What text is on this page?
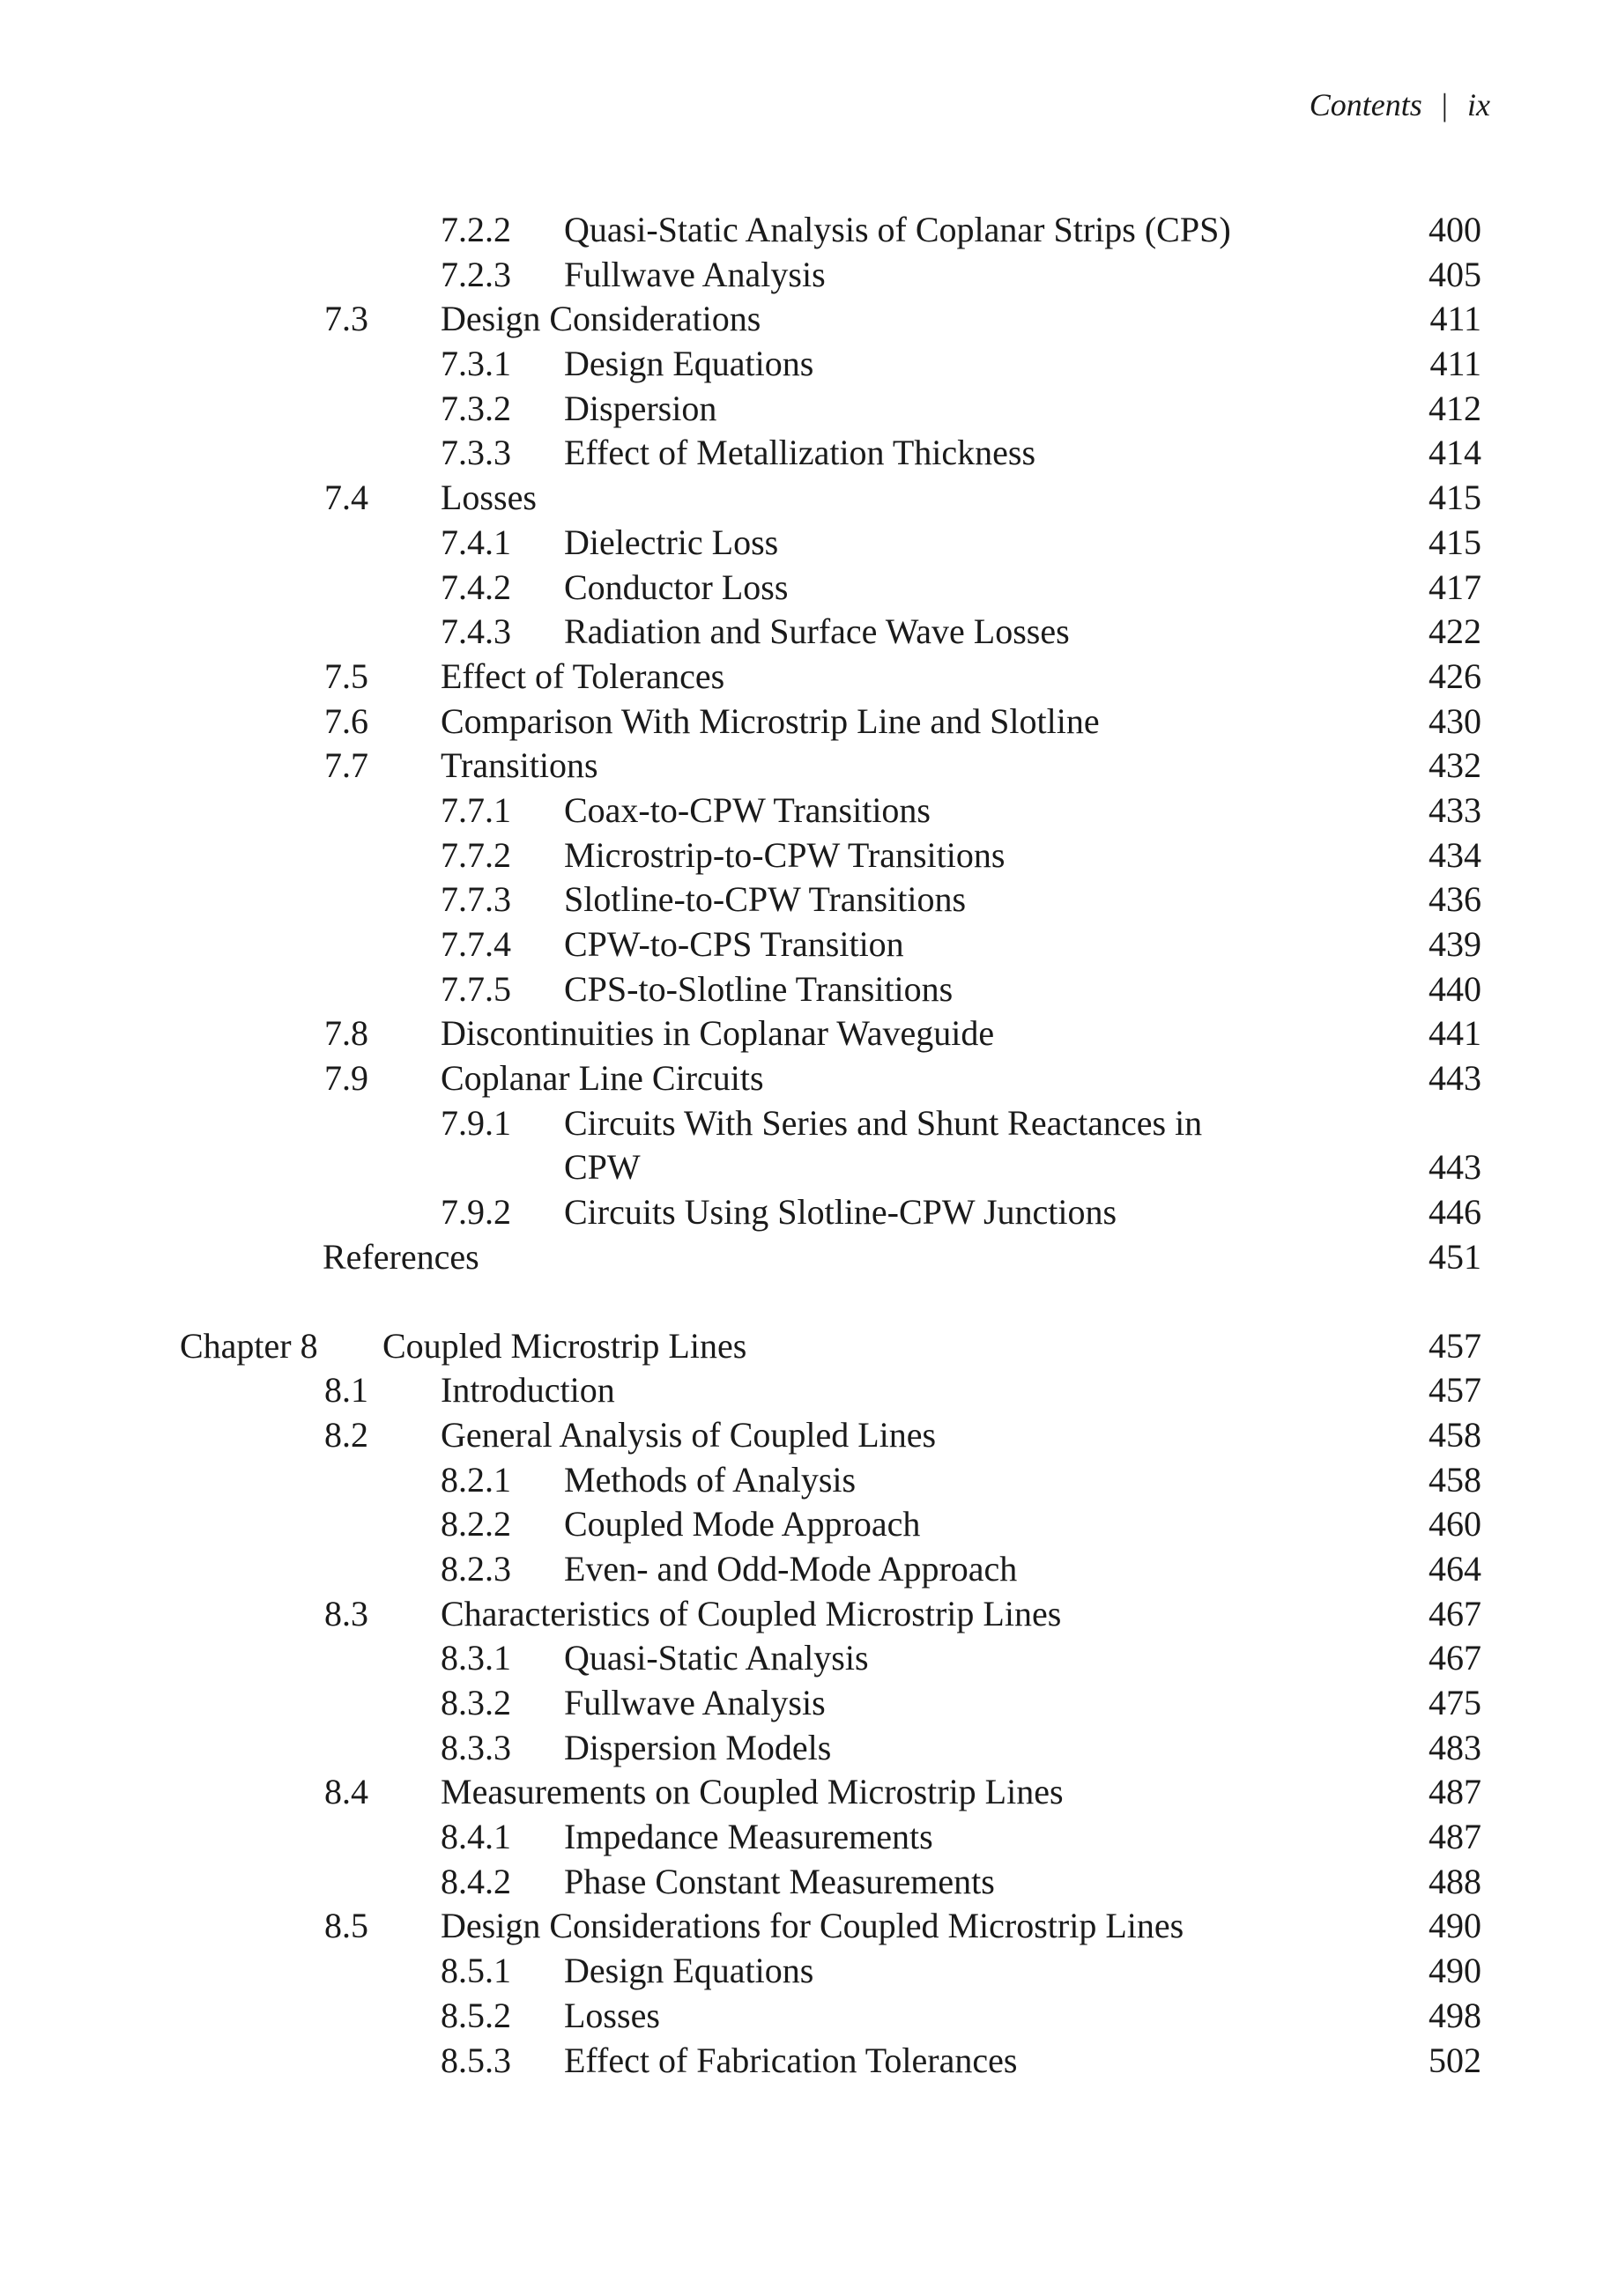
Contents | ix
7.2.2 Quasi-Static Analysis of Coplanar Strips (CPS)	400
7.2.3 Fullwave Analysis	405
7.3 Design Considerations	411
7.3.1 Design Equations	411
7.3.2 Dispersion	412
7.3.3 Effect of Metallization Thickness	414
7.4 Losses	415
7.4.1 Dielectric Loss	415
7.4.2 Conductor Loss	417
7.4.3 Radiation and Surface Wave Losses	422
7.5 Effect of Tolerances	426
7.6 Comparison With Microstrip Line and Slotline	430
7.7 Transitions	432
7.7.1 Coax-to-CPW Transitions	433
7.7.2 Microstrip-to-CPW Transitions	434
7.7.3 Slotline-to-CPW Transitions	436
7.7.4 CPW-to-CPS Transition	439
7.7.5 CPS-to-Slotline Transitions	440
7.8 Discontinuities in Coplanar Waveguide	441
7.9 Coplanar Line Circuits	443
7.9.1 Circuits With Series and Shunt Reactances in
CPW	443
7.9.2 Circuits Using Slotline-CPW Junctions	446
References	451
Chapter 8 Coupled Microstrip Lines	457
8.1 Introduction	457
8.2 General Analysis of Coupled Lines	458
8.2.1 Methods of Analysis	458
8.2.2 Coupled Mode Approach	460
8.2.3 Even- and Odd-Mode Approach	464
8.3 Characteristics of Coupled Microstrip Lines	467
8.3.1 Quasi-Static Analysis	467
8.3.2 Fullwave Analysis	475
8.3.3 Dispersion Models	483
8.4 Measurements on Coupled Microstrip Lines	487
8.4.1 Impedance Measurements	487
8.4.2 Phase Constant Measurements	488
8.5 Design Considerations for Coupled Microstrip Lines	490
8.5.1 Design Equations	490
8.5.2 Losses	498
8.5.3 Effect of Fabrication Tolerances	502
